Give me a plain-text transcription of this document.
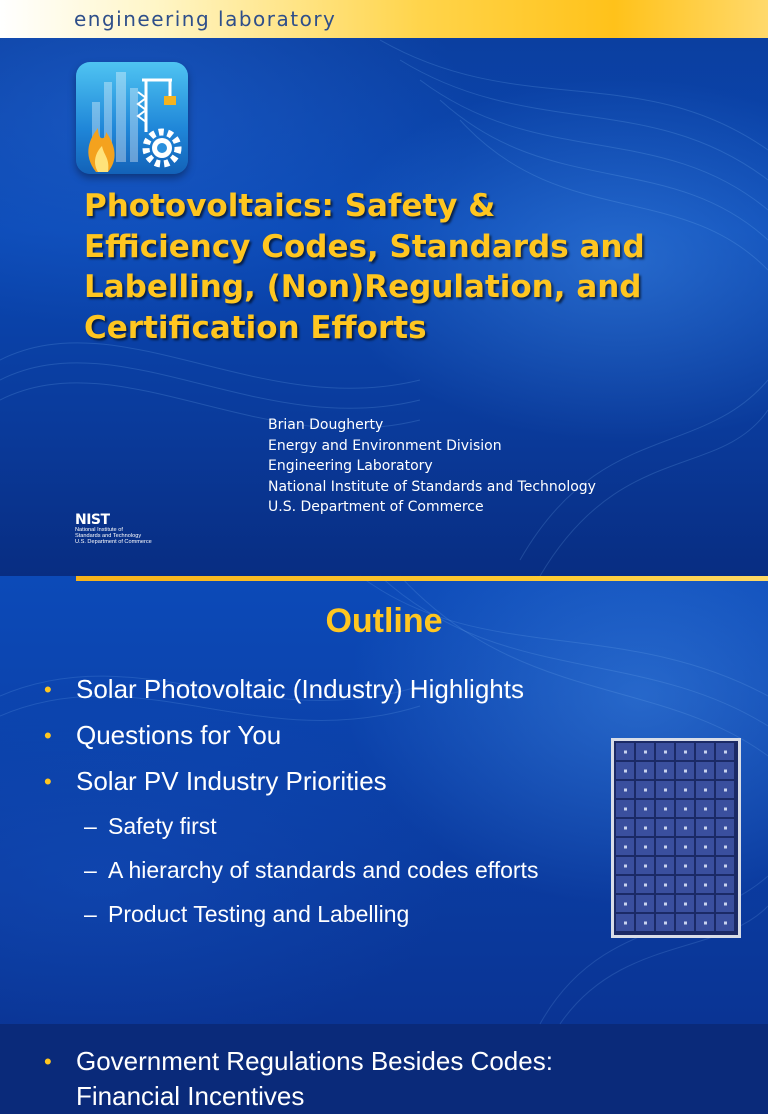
engineering laboratory
Photovoltaics: Safety &
Efficiency Codes, Standards and
Labelling, (Non)Regulation, and
Certification Efforts
Brian Dougherty
Energy and Environment Division
Engineering Laboratory
National Institute of Standards and Technology
U.S. Department of Commerce
NIST
National Institute of
Standards and Technology
U.S. Department of Commerce
Outline
• Solar Photovoltaic (Industry) Highlights
• Questions for You
• Solar PV Industry Priorities
– Safety first
– A hierarchy of standards and codes efforts
– Product Testing and Labelling
• Government Regulations Besides Codes:
Financial Incentives
